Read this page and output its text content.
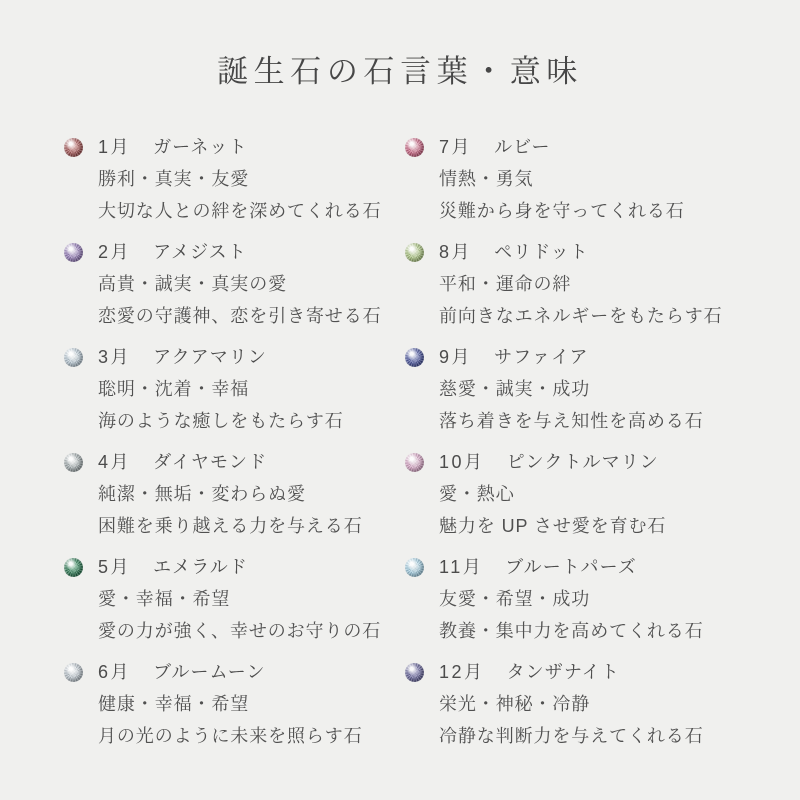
誕生石の石言葉・意味
1月 ガーネット
勝利・真実・友愛
大切な人との絆を深めてくれる石
2月 アメジスト
高貴・誠実・真実の愛
恋愛の守護神、恋を引き寄せる石
3月 アクアマリン
聡明・沈着・幸福
海のような癒しをもたらす石
4月 ダイヤモンド
純潔・無垢・変わらぬ愛
困難を乗り越える力を与える石
5月 エメラルド
愛・幸福・希望
愛の力が強く、幸せのお守りの石
6月 ブルームーン
健康・幸福・希望
月の光のように未来を照らす石
7月 ルビー
情熱・勇気
災難から身を守ってくれる石
8月 ペリドット
平和・運命の絆
前向きなエネルギーをもたらす石
9月 サファイア
慈愛・誠実・成功
落ち着きを与え知性を高める石
10月 ピンクトルマリン
愛・熱心
魅力を UP させ愛を育む石
11月 ブルートパーズ
友愛・希望・成功
教養・集中力を高めてくれる石
12月 タンザナイト
栄光・神秘・冷静
冷静な判断力を与えてくれる石
